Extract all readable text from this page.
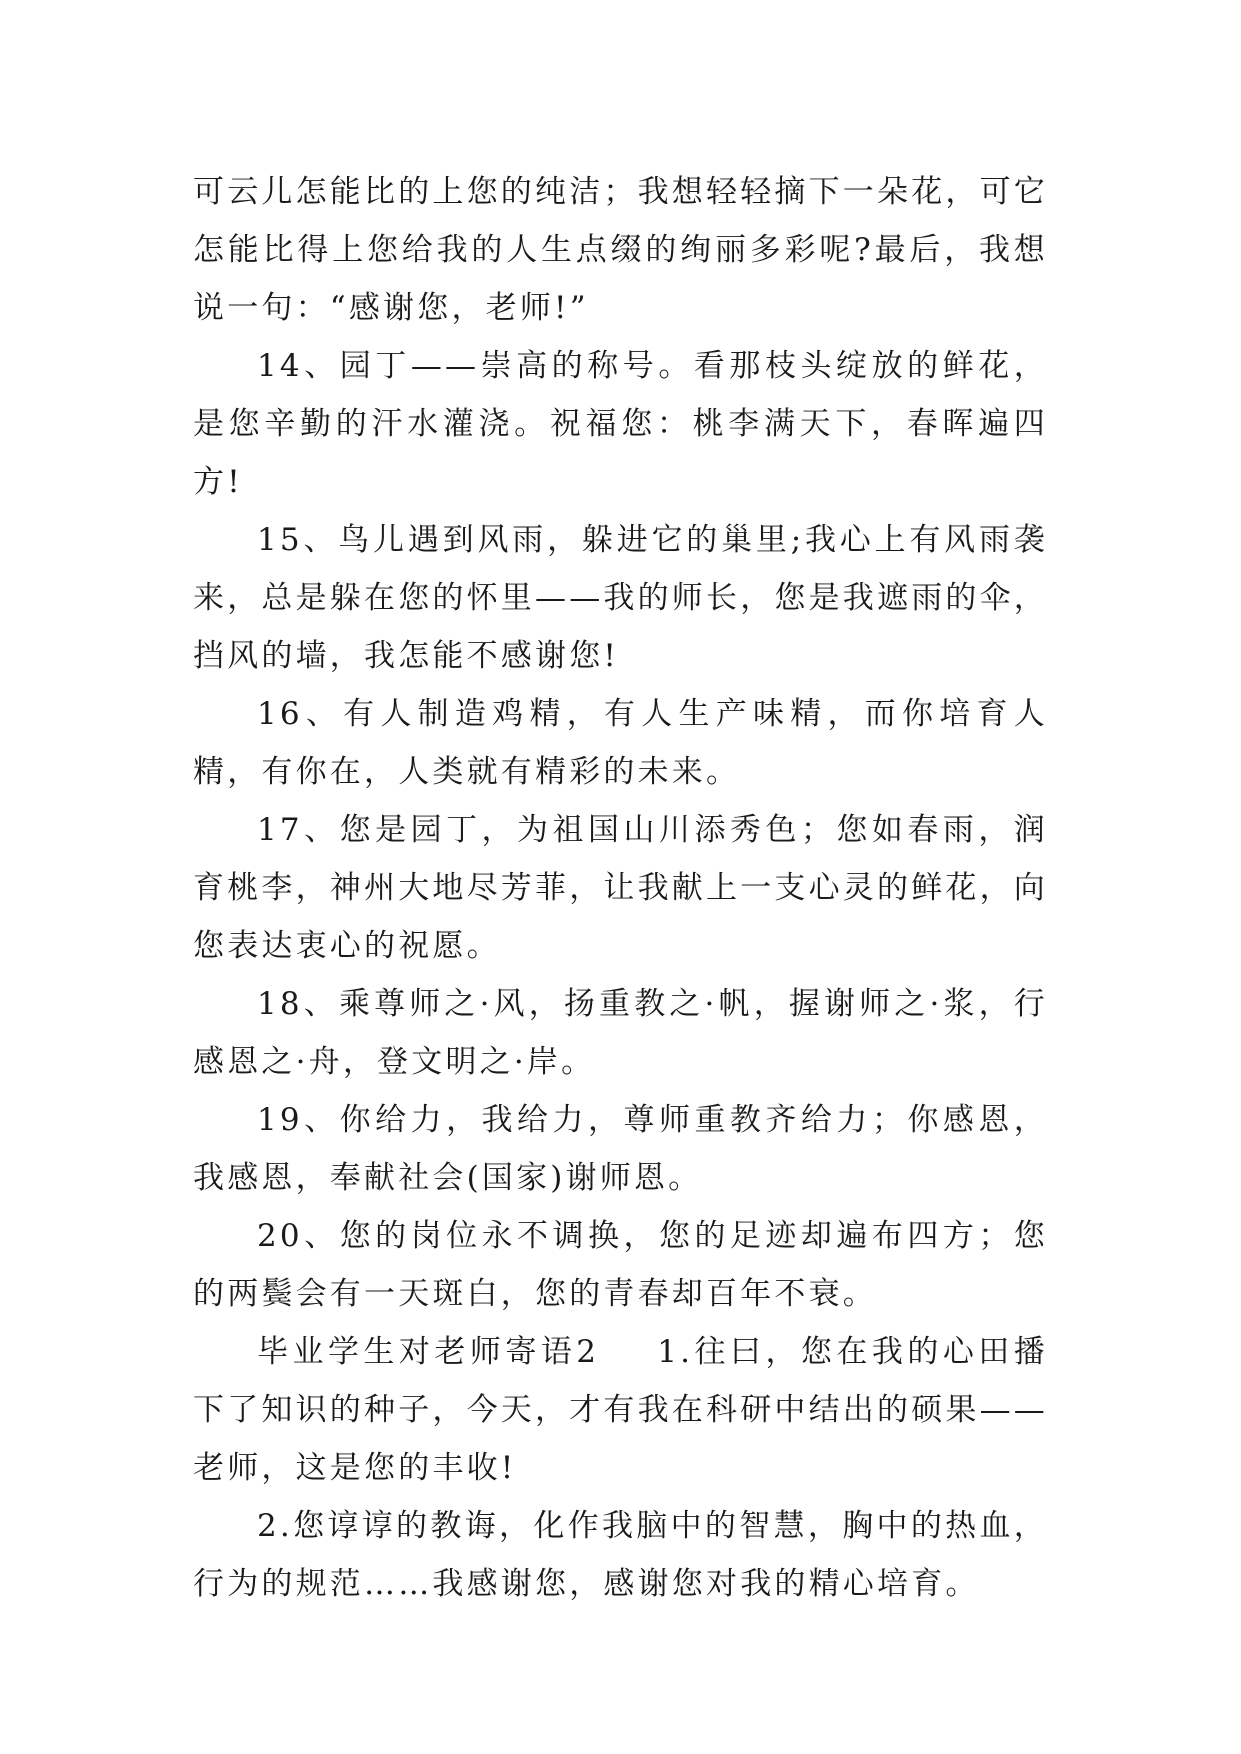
可云儿怎能比的上您的纯洁；我想轻轻摘下一朵花，可它怎能比得上您给我的人生点缀的绚丽多彩呢?最后，我想说一句：“感谢您，老师!”

14、园丁——崇高的称号。看那枝头绽放的鲜花，是您辛勤的汗水灌浇。祝福您：桃李满天下，春晖遍四方!

15、鸟儿遇到风雨，躲进它的巢里;我心上有风雨袭来，总是躲在您的怀里——我的师长，您是我遮雨的伞，挡风的墙，我怎能不感谢您!

16、有人制造鸡精，有人生产味精，而你培育人精，有你在，人类就有精彩的未来。

17、您是园丁，为祖国山川添秀色；您如春雨，润育桃李，神州大地尽芳菲，让我献上一支心灵的鲜花，向您表达衷心的祝愿。

18、乘尊师之·风，扬重教之·帆，握谢师之·浆，行感恩之·舟，登文明之·岸。

19、你给力，我给力，尊师重教齐给力；你感恩，我感恩，奉献社会(国家)谢师恩。

20、您的岗位永不调换，您的足迹却遍布四方；您的两鬓会有一天斑白，您的青春却百年不衰。

毕业学生对老师寄语2 1.往曰，您在我的心田播下了知识的种子，今天，才有我在科研中结出的硕果——老师，这是您的丰收!

2.您谆谆的教诲，化作我脑中的智慧，胸中的热血，行为的规范……我感谢您，感谢您对我的精心培育。
